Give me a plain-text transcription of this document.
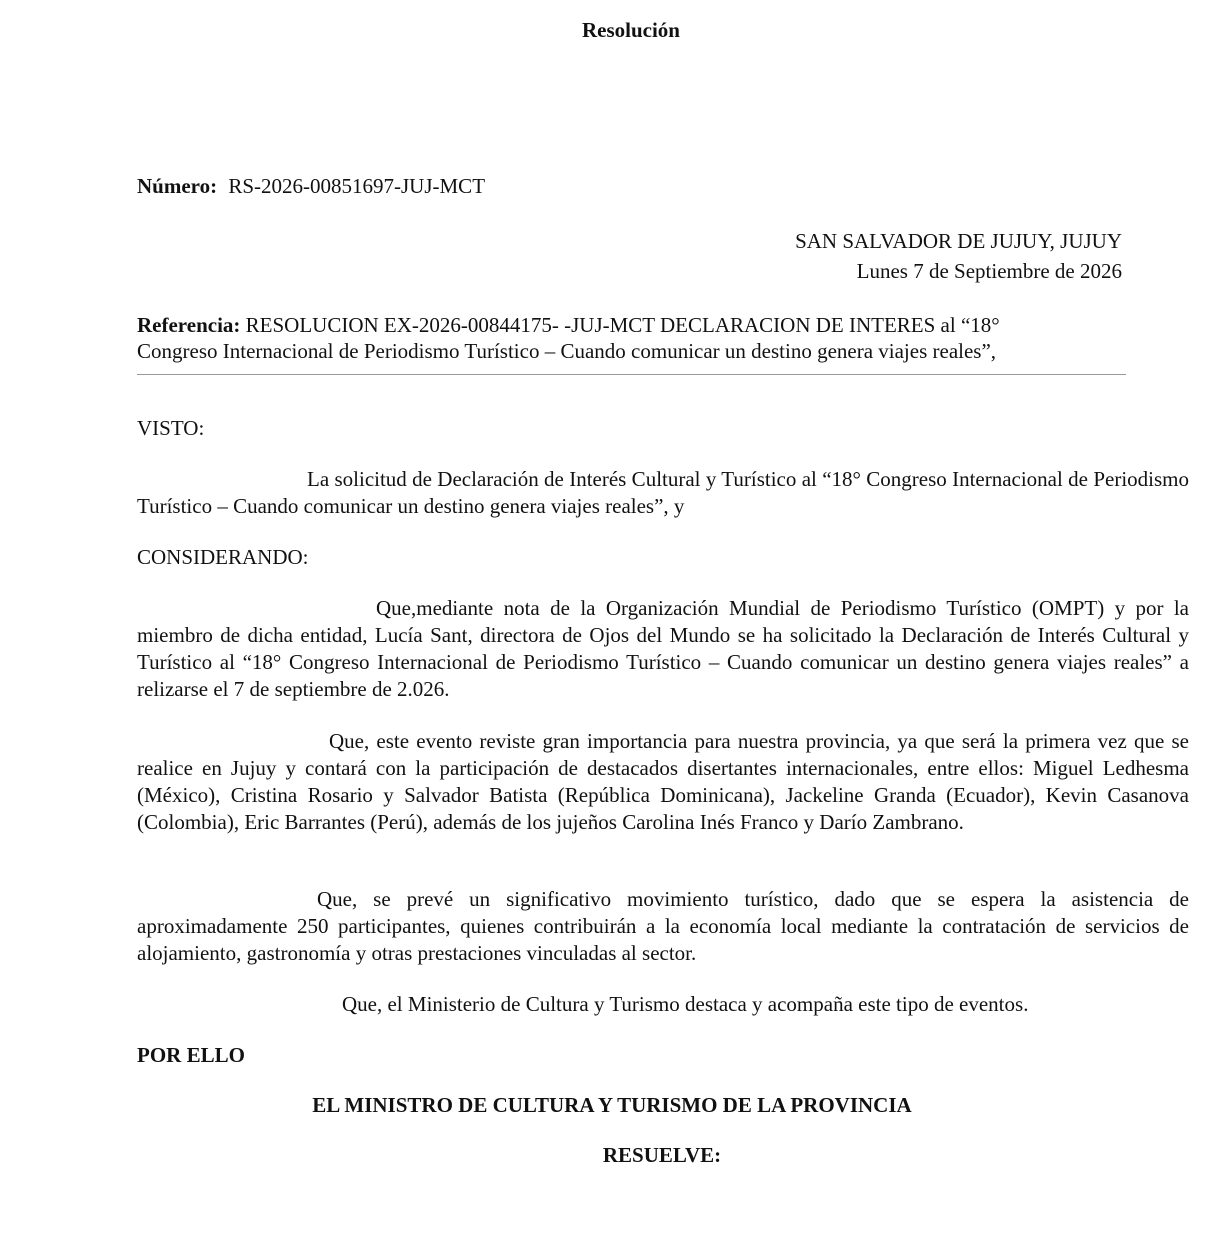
Resolución
Número: RS-2026-00851697-JUJ-MCT
SAN SALVADOR DE JUJUY, JUJUY
Lunes 7 de Septiembre de 2026
Referencia: RESOLUCION EX-2026-00844175- -JUJ-MCT DECLARACION DE INTERES al “18°
Congreso Internacional de Periodismo Turístico – Cuando comunicar un destino genera viajes reales”,
VISTO:
La solicitud de Declaración de Interés Cultural y Turístico al “18° Congreso Internacional de Periodismo Turístico – Cuando comunicar un destino genera viajes reales”, y
CONSIDERANDO:
Que,mediante nota de la Organización Mundial de Periodismo Turístico (OMPT) y por la miembro de dicha entidad, Lucía Sant, directora de Ojos del Mundo se ha solicitado la Declaración de Interés Cultural y Turístico al “18° Congreso Internacional de Periodismo Turístico – Cuando comunicar un destino genera viajes reales” a relizarse el 7 de septiembre de 2.026.
Que, este evento reviste gran importancia para nuestra provincia, ya que será la primera vez que se realice en Jujuy y contará con la participación de destacados disertantes internacionales, entre ellos: Miguel Ledhesma (México), Cristina Rosario y Salvador Batista (República Dominicana), Jackeline Granda (Ecuador), Kevin Casanova (Colombia), Eric Barrantes (Perú), además de los jujeños Carolina Inés Franco y Darío Zambrano.
Que, se prevé un significativo movimiento turístico, dado que se espera la asistencia de aproximadamente 250 participantes, quienes contribuirán a la economía local mediante la contratación de servicios de alojamiento, gastronomía y otras prestaciones vinculadas al sector.
Que, el Ministerio de Cultura y Turismo destaca y acompaña este tipo de eventos.
POR ELLO
EL MINISTRO DE CULTURA Y TURISMO DE LA PROVINCIA
RESUELVE:
